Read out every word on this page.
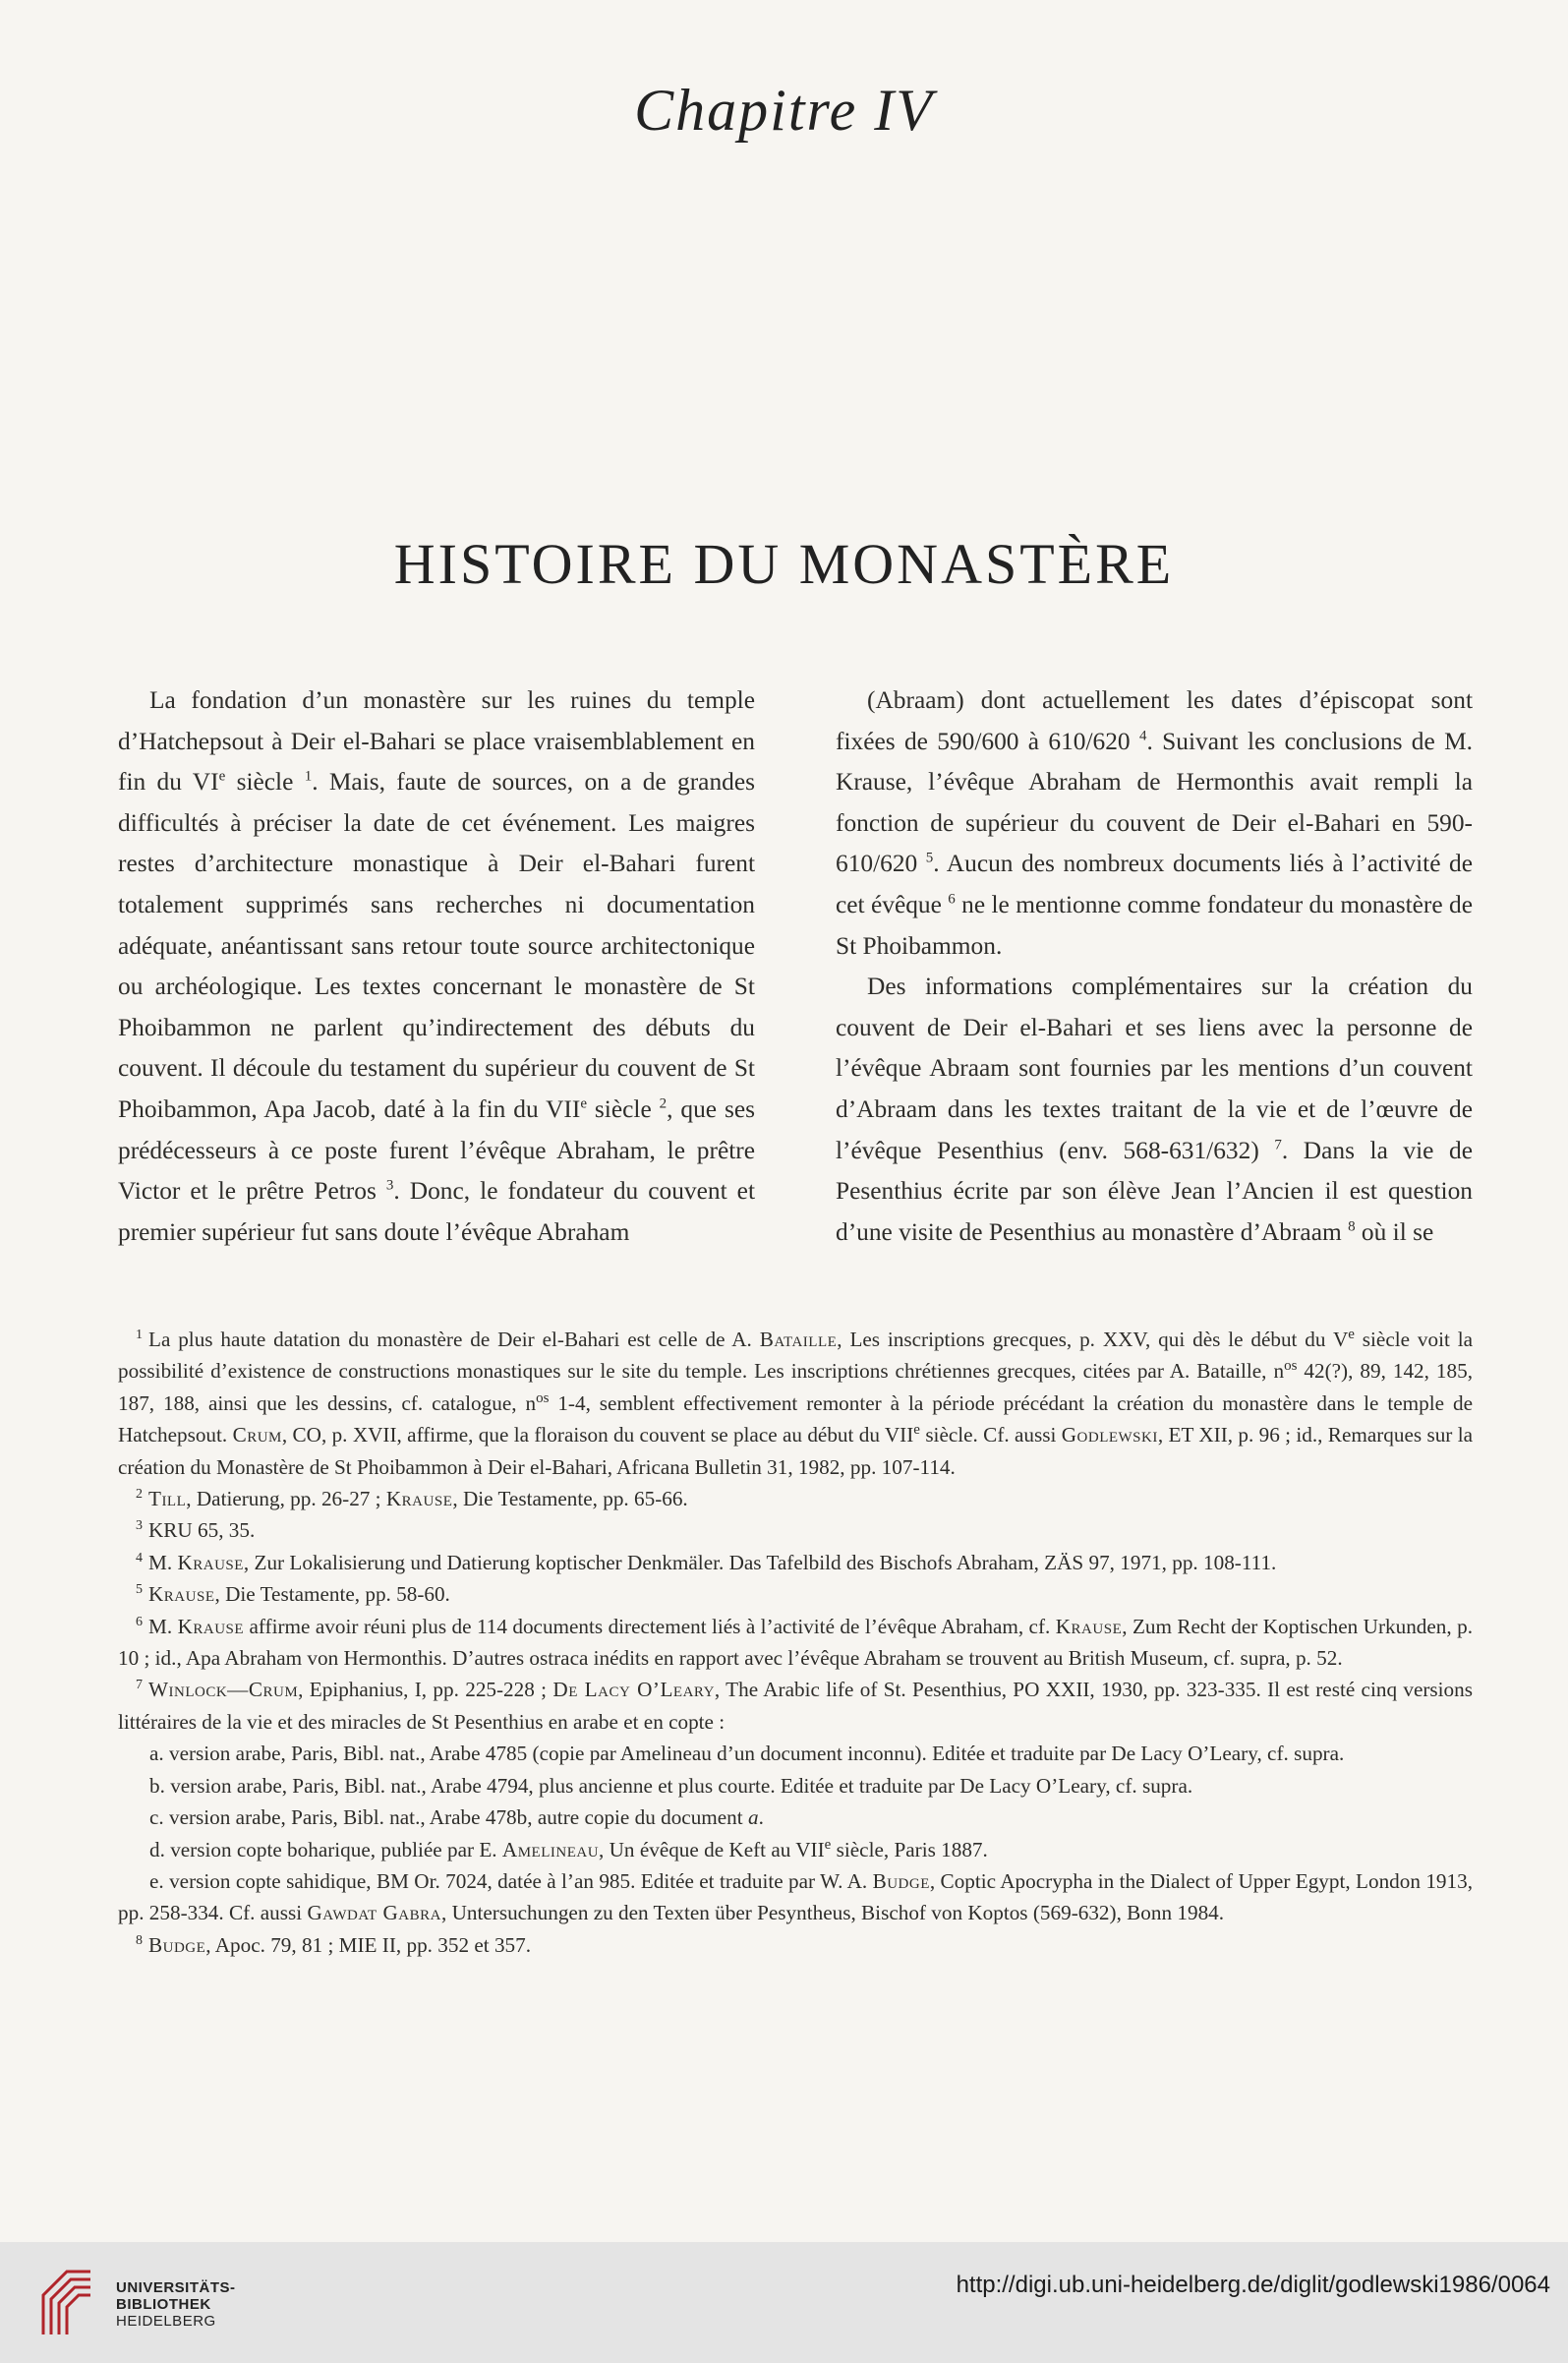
Chapitre IV
HISTOIRE DU MONASTÈRE

La fondation d’un monastère sur les ruines du temple d’Hatchepsout à Deir el-Bahari se place vraisemblablement en fin du VIe siècle $^1$. Mais, faute de sources, on a de grandes difficultés à préciser la date de cet événement. Les maigres restes d’architecture monastique à Deir el-Bahari furent totalement supprimés sans recherches ni documentation adéquate, anéantissant sans retour toute source architectonique ou archéologique. Les textes concernant le monastère de St Phoibammon ne parlent qu’indirectement des débuts du couvent. Il découle du testament du supérieur du couvent de St Phoibammon, Apa Jacob, daté à la fin du VIIe siècle $^2$, que ses prédécesseurs à ce poste furent l’évêque Abraham, le prêtre Victor et le prêtre Petros $^3$. Donc, le fondateur du couvent et premier supérieur fut sans doute l’évêque Abraham

(Abraam) dont actuellement les dates d’épiscopat sont fixées de 590/600 à 610/620 $^4$. Suivant les conclusions de M. Krause, l’évêque Abraham de Hermonthis avait rempli la fonction de supérieur du couvent de Deir el-Bahari en 590-610/620 $^5$. Aucun des nombreux documents liés à l’activité de cet évêque $^6$ ne le mentionne comme fondateur du monastère de St Phoibammon.

Des informations complémentaires sur la création du couvent de Deir el-Bahari et ses liens avec la personne de l’évêque Abraam sont fournies par les mentions d’un couvent d’Abraam dans les textes traitant de la vie et de l’œuvre de l’évêque Pesenthius (env. 568-631/632) $^7$. Dans la vie de Pesenthius écrite par son élève Jean l’Ancien il est question d’une visite de Pesenthius au monastère d’Abraam $^8$ où il se

$^1$ La plus haute datation du monastère de Deir el-Bahari est celle de A. Bataille, Les inscriptions grecques, p. XXV, qui dès le début du Ve siècle voit la possibilité d’existence de constructions monastiques sur le site du temple. Les inscriptions chrétiennes grecques, citées par A. Bataille, $n^{os}$ 42(?), 89, 142, 185, 187, 188, ainsi que les dessins, cf. catalogue, $n^{os}$ 1-4, semblent effectivement remonter à la période précédant la création du monastère dans le temple de Hatchepsout. Crum, CO, p. XVII, affirme, que la floraison du couvent se place au début du VIIe siècle. Cf. aussi Godlewski, ET XII, p. 96 ; id., Remarques sur la création du Monastère de St Phoibammon à Deir el-Bahari, Africana Bulletin 31, 1982, pp. 107-114.

$^2$ Till, Datierung, pp. 26-27 ; Krause, Die Testamente, pp. 65-66.

$^3$ KRU 65, 35.

$^4$ M. Krause, Zur Lokalisierung und Datierung koptischer Denkmäler. Das Tafelbild des Bischofs Abraham, ZÄS 97, 1971, pp. 108-111.

$^5$ Krause, Die Testamente, pp. 58-60.

$^6$ M. Krause affirme avoir réuni plus de 114 documents directement liés à l’activité de l’évêque Abraham, cf. Krause, Zum Recht der Koptischen Urkunden, p. 10 ; id., Apa Abraham von Hermonthis. D’autres ostraca inédits en rapport avec l’évêque Abraham se trouvent au British Museum, cf. supra, p. 52.

$^7$ Winlock—Crum, Epiphanius, I, pp. 225-228 ; De Lacy O’Leary, The Arabic life of St. Pesenthius, PO XXII, 1930, pp. 323-335. Il est resté cinq versions littéraires de la vie et des miracles de St Pesenthius en arabe et en copte :

a. version arabe, Paris, Bibl. nat., Arabe 4785 (copie par Amelineau d’un document inconnu). Editée et traduite par De Lacy O’Leary, cf. supra.

b. version arabe, Paris, Bibl. nat., Arabe 4794, plus ancienne et plus courte. Editée et traduite par De Lacy O’Leary, cf. supra.

c. version arabe, Paris, Bibl. nat., Arabe 478b, autre copie du document a.

d. version copte boharique, publiée par E. Amelineau, Un évêque de Keft au VIIe siècle, Paris 1887.

e. version copte sahidique, BM Or. 7024, datée à l’an 985. Editée et traduite par W. A. Budge, Coptic Apocrypha in the Dialect of Upper Egypt, London 1913, pp. 258-334. Cf. aussi Gawdat Gabra, Untersuchungen zu den Texten über Pesyntheus, Bischof von Koptos (569-632), Bonn 1984.

$^8$ Budge, Apoc. 79, 81 ; MIE II, pp. 352 et 357.

UNIVERSITÄTS-
BIBLIOTHEK
HEIDELBERG
http://digi.ub.uni-heidelberg.de/diglit/godlewski1986/0064
